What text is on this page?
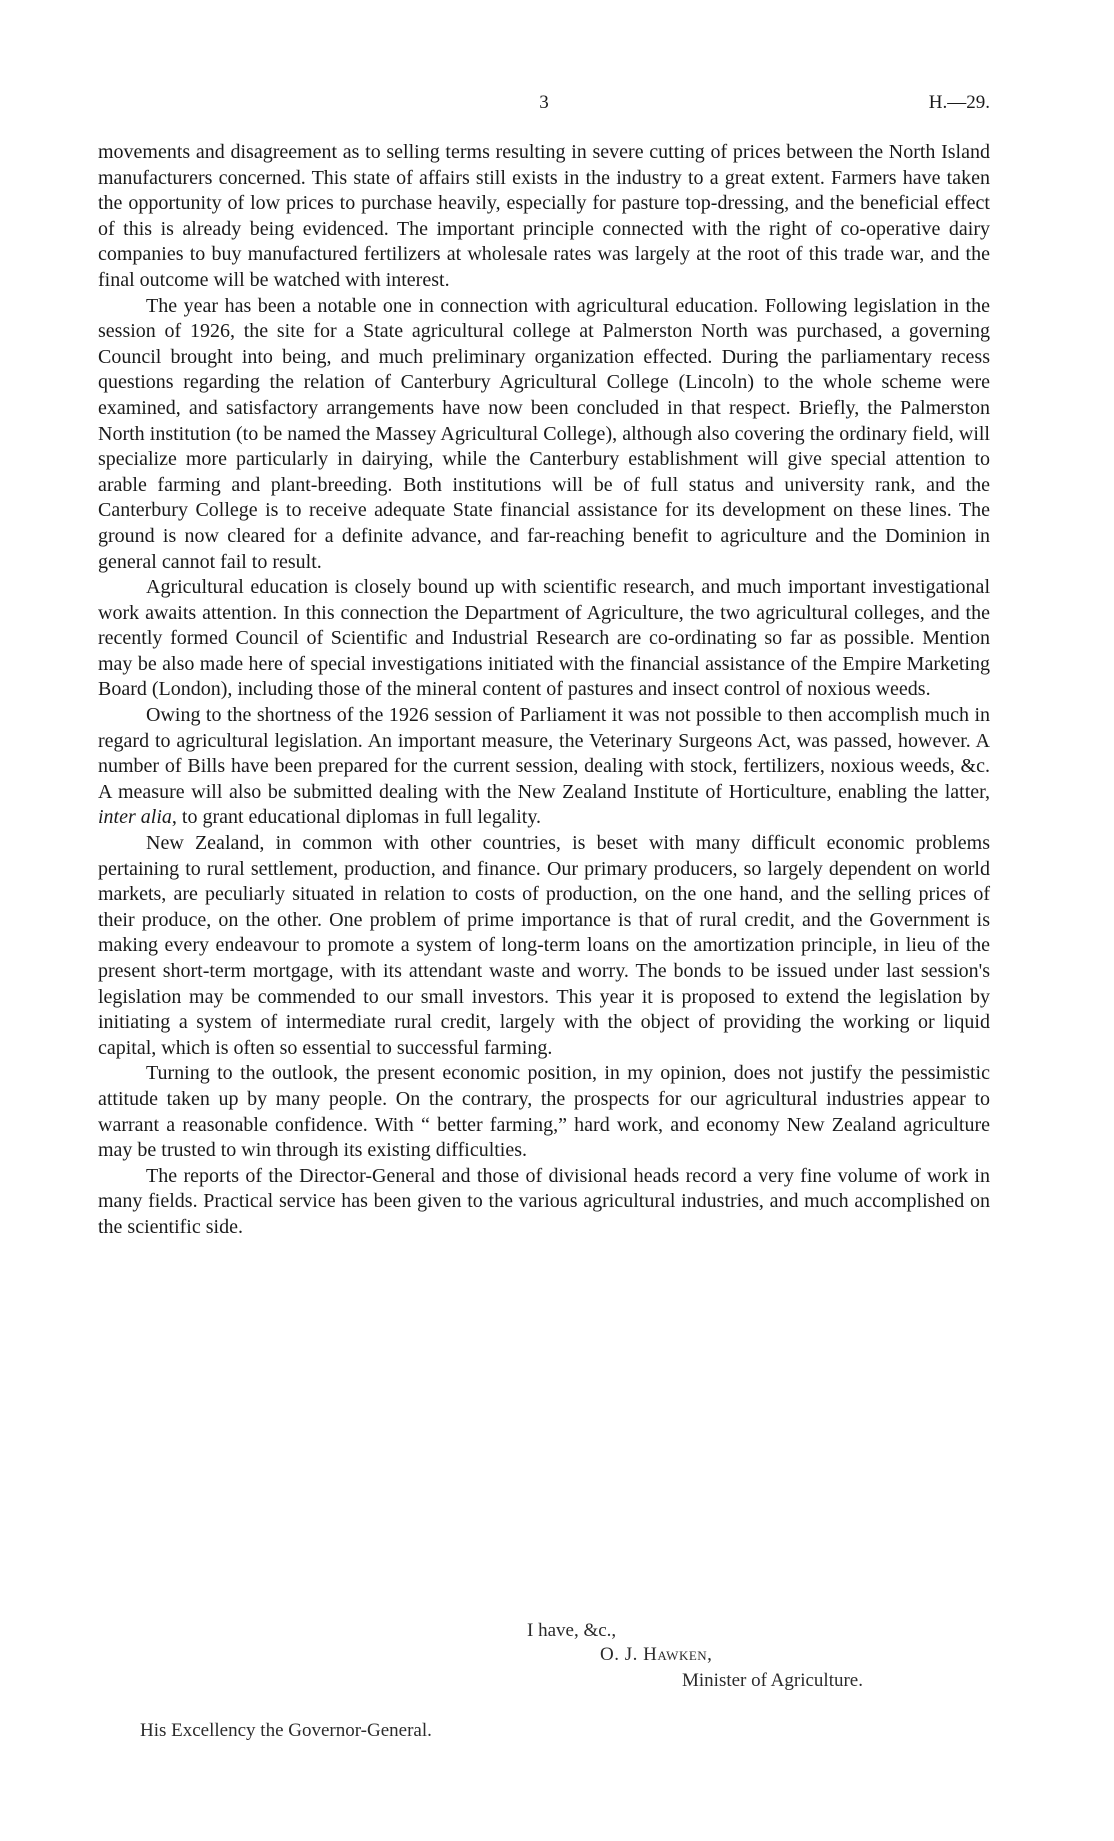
3	H.—29.

movements and disagreement as to selling terms resulting in severe cutting of prices between the North Island manufacturers concerned. This state of affairs still exists in the industry to a great extent. Farmers have taken the opportunity of low prices to purchase heavily, especially for pasture top-dressing, and the beneficial effect of this is already being evidenced. The important principle connected with the right of co-operative dairy companies to buy manufactured fertilizers at wholesale rates was largely at the root of this trade war, and the final outcome will be watched with interest.

The year has been a notable one in connection with agricultural education. Following legislation in the session of 1926, the site for a State agricultural college at Palmerston North was purchased, a governing Council brought into being, and much preliminary organization effected. During the parliamentary recess questions regarding the relation of Canterbury Agricultural College (Lincoln) to the whole scheme were examined, and satisfactory arrangements have now been concluded in that respect. Briefly, the Palmerston North institution (to be named the Massey Agricultural College), although also covering the ordinary field, will specialize more particularly in dairying, while the Canterbury establishment will give special attention to arable farming and plant-breeding. Both institutions will be of full status and university rank, and the Canterbury College is to receive adequate State financial assistance for its development on these lines. The ground is now cleared for a definite advance, and far-reaching benefit to agriculture and the Dominion in general cannot fail to result.

Agricultural education is closely bound up with scientific research, and much important investigational work awaits attention. In this connection the Department of Agriculture, the two agricultural colleges, and the recently formed Council of Scientific and Industrial Research are co-ordinating so far as possible. Mention may be also made here of special investigations initiated with the financial assistance of the Empire Marketing Board (London), including those of the mineral content of pastures and insect control of noxious weeds.

Owing to the shortness of the 1926 session of Parliament it was not possible to then accomplish much in regard to agricultural legislation. An important measure, the Veterinary Surgeons Act, was passed, however. A number of Bills have been prepared for the current session, dealing with stock, fertilizers, noxious weeds, &c. A measure will also be submitted dealing with the New Zealand Institute of Horticulture, enabling the latter, inter alia, to grant educational diplomas in full legality.

New Zealand, in common with other countries, is beset with many difficult economic problems pertaining to rural settlement, production, and finance. Our primary producers, so largely dependent on world markets, are peculiarly situated in relation to costs of production, on the one hand, and the selling prices of their produce, on the other. One problem of prime importance is that of rural credit, and the Government is making every endeavour to promote a system of long-term loans on the amortization principle, in lieu of the present short-term mortgage, with its attendant waste and worry. The bonds to be issued under last session's legislation may be commended to our small investors. This year it is proposed to extend the legislation by initiating a system of intermediate rural credit, largely with the object of providing the working or liquid capital, which is often so essential to successful farming.

Turning to the outlook, the present economic position, in my opinion, does not justify the pessimistic attitude taken up by many people. On the contrary, the prospects for our agricultural industries appear to warrant a reasonable confidence. With “ better farming,” hard work, and economy New Zealand agriculture may be trusted to win through its existing difficulties.

The reports of the Director-General and those of divisional heads record a very fine volume of work in many fields. Practical service has been given to the various agricultural industries, and much accomplished on the scientific side.

I have, &c.,
O. J. Hawken,
Minister of Agriculture.
His Excellency the Governor-General.
